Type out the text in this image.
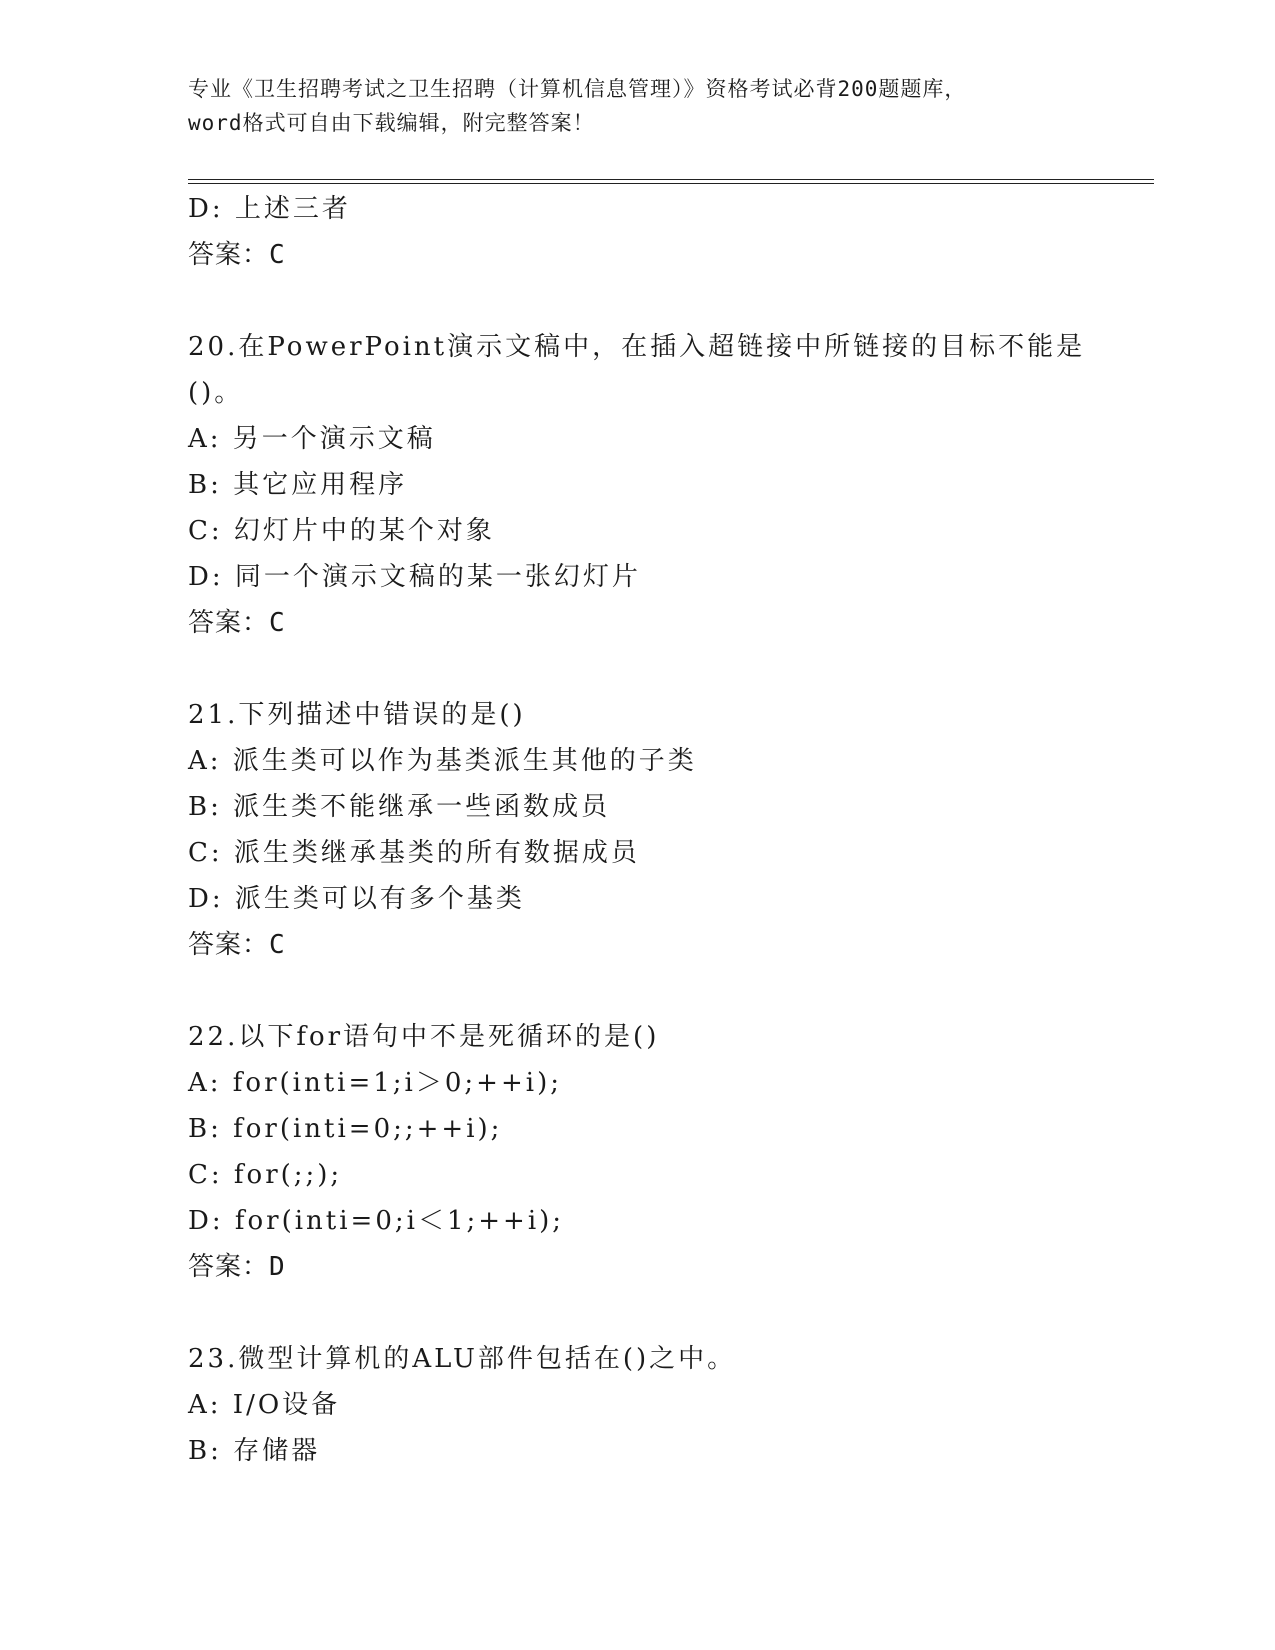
专业《卫生招聘考试之卫生招聘（计算机信息管理）》资格考试必背200题题库，
word格式可自由下载编辑，附完整答案！
D: 上述三者
答案：C
20.在PowerPoint演示文稿中，在插入超链接中所链接的目标不能是
()。
A: 另一个演示文稿
B: 其它应用程序
C: 幻灯片中的某个对象
D: 同一个演示文稿的某一张幻灯片
答案：C
21.下列描述中错误的是()
A: 派生类可以作为基类派生其他的子类
B: 派生类不能继承一些函数成员
C: 派生类继承基类的所有数据成员
D: 派生类可以有多个基类
答案：C
22.以下for语句中不是死循环的是()
A: for(inti=1;i＞0;++i);
B: for(inti=0;;++i);
C: for(;;);
D: for(inti=0;i＜1;++i);
答案：D
23.微型计算机的ALU部件包括在()之中。
A: I/O设备
B: 存储器
